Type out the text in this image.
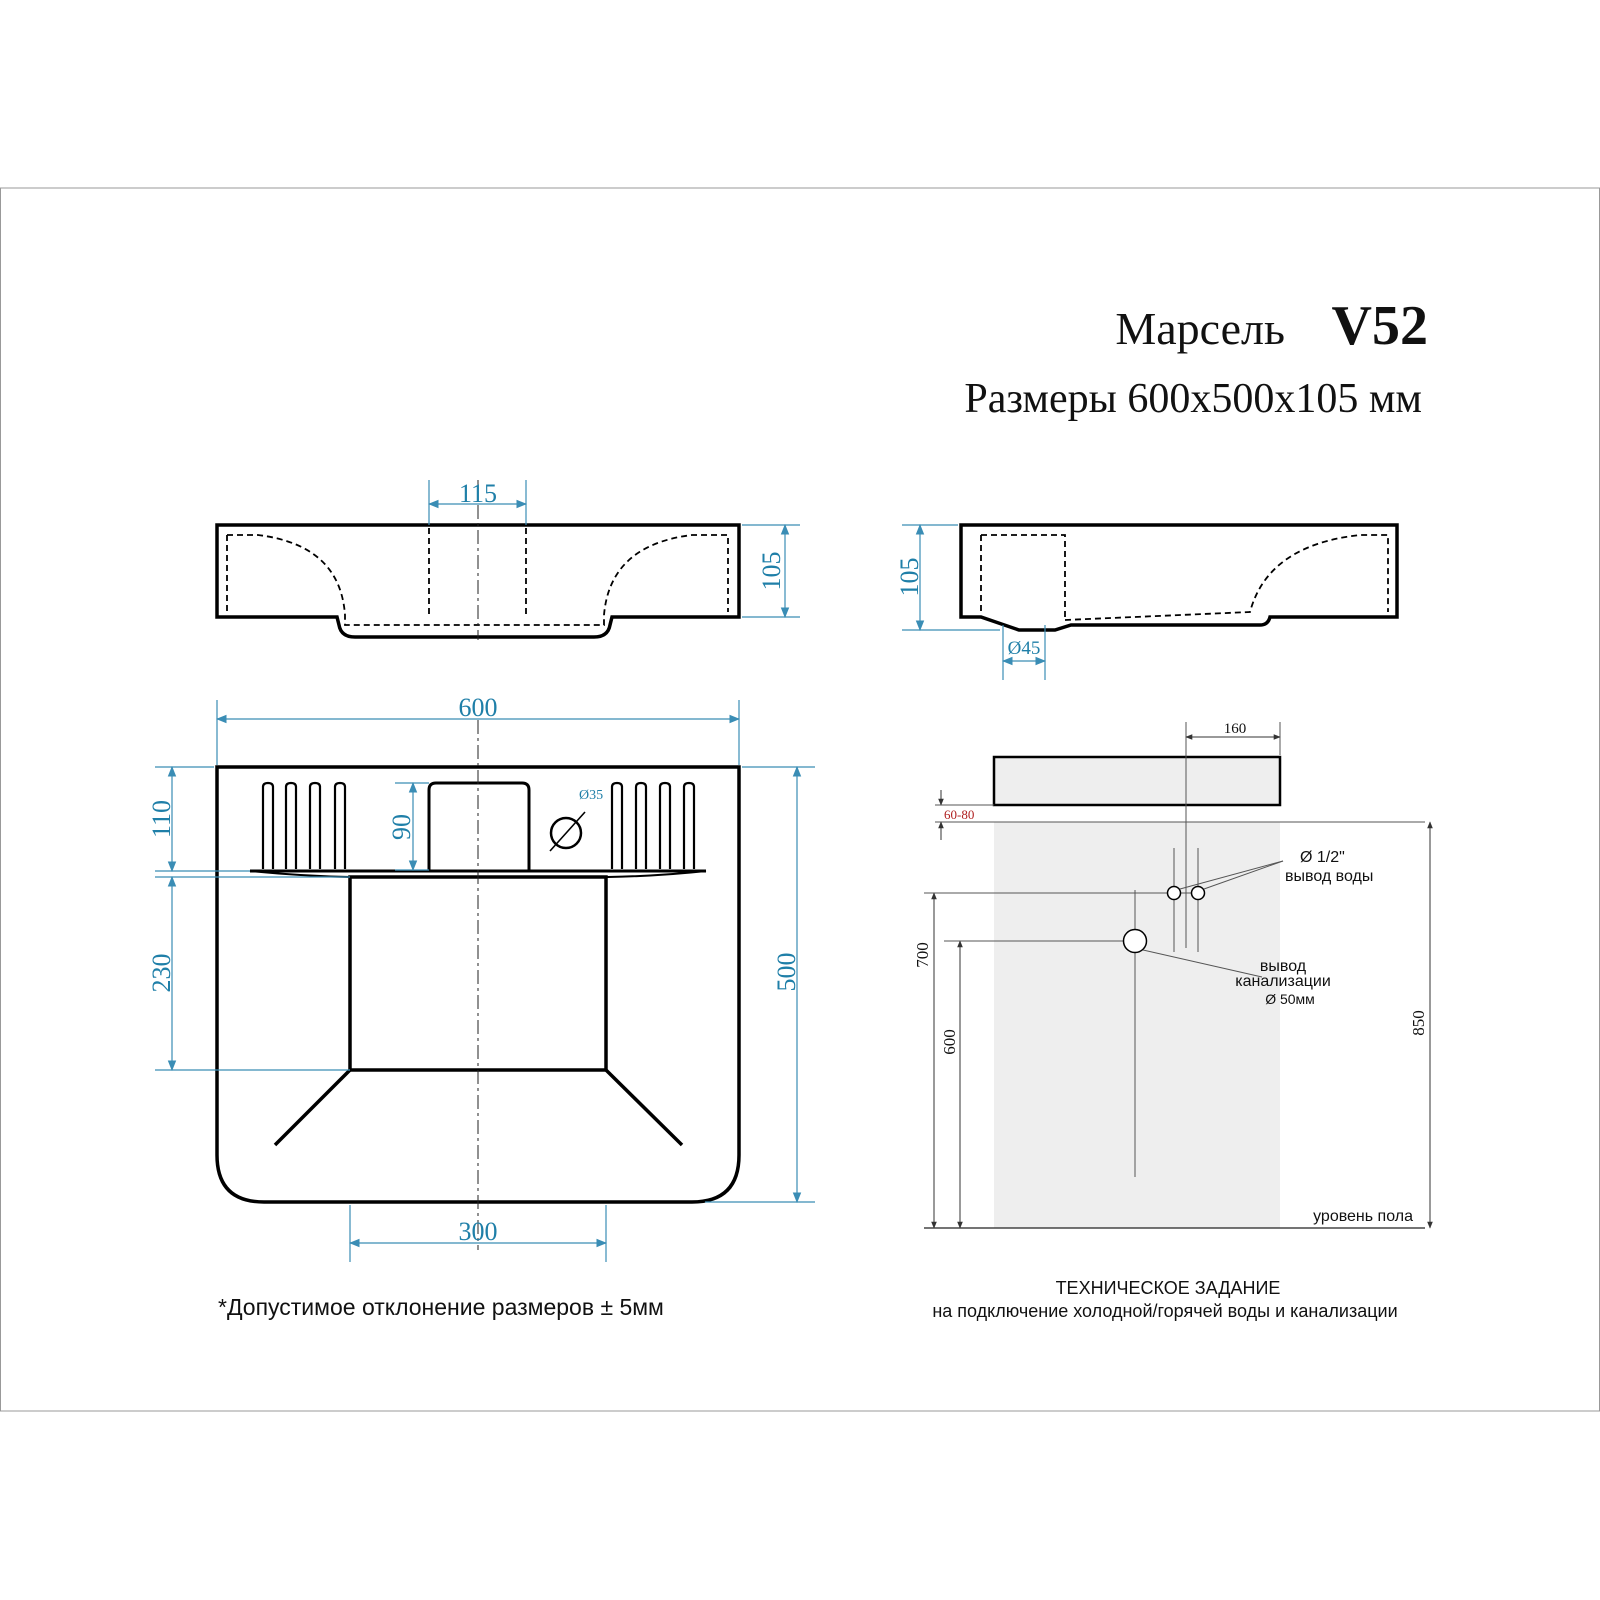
Марсель V52
Размеры 600x500x105 мм
115
105	105
Ø45
Ø35
600
500
110
230
90
300
*Допустимое отклонение размеров ± 5мм
160
60-80
Ø 1/2"
вывод воды
вывод
канализации
Ø 50мм
уровень пола
700
600
850
ТЕХНИЧЕСКОЕ ЗАДАНИЕ
на подключение холодной/горячей воды и канализации
